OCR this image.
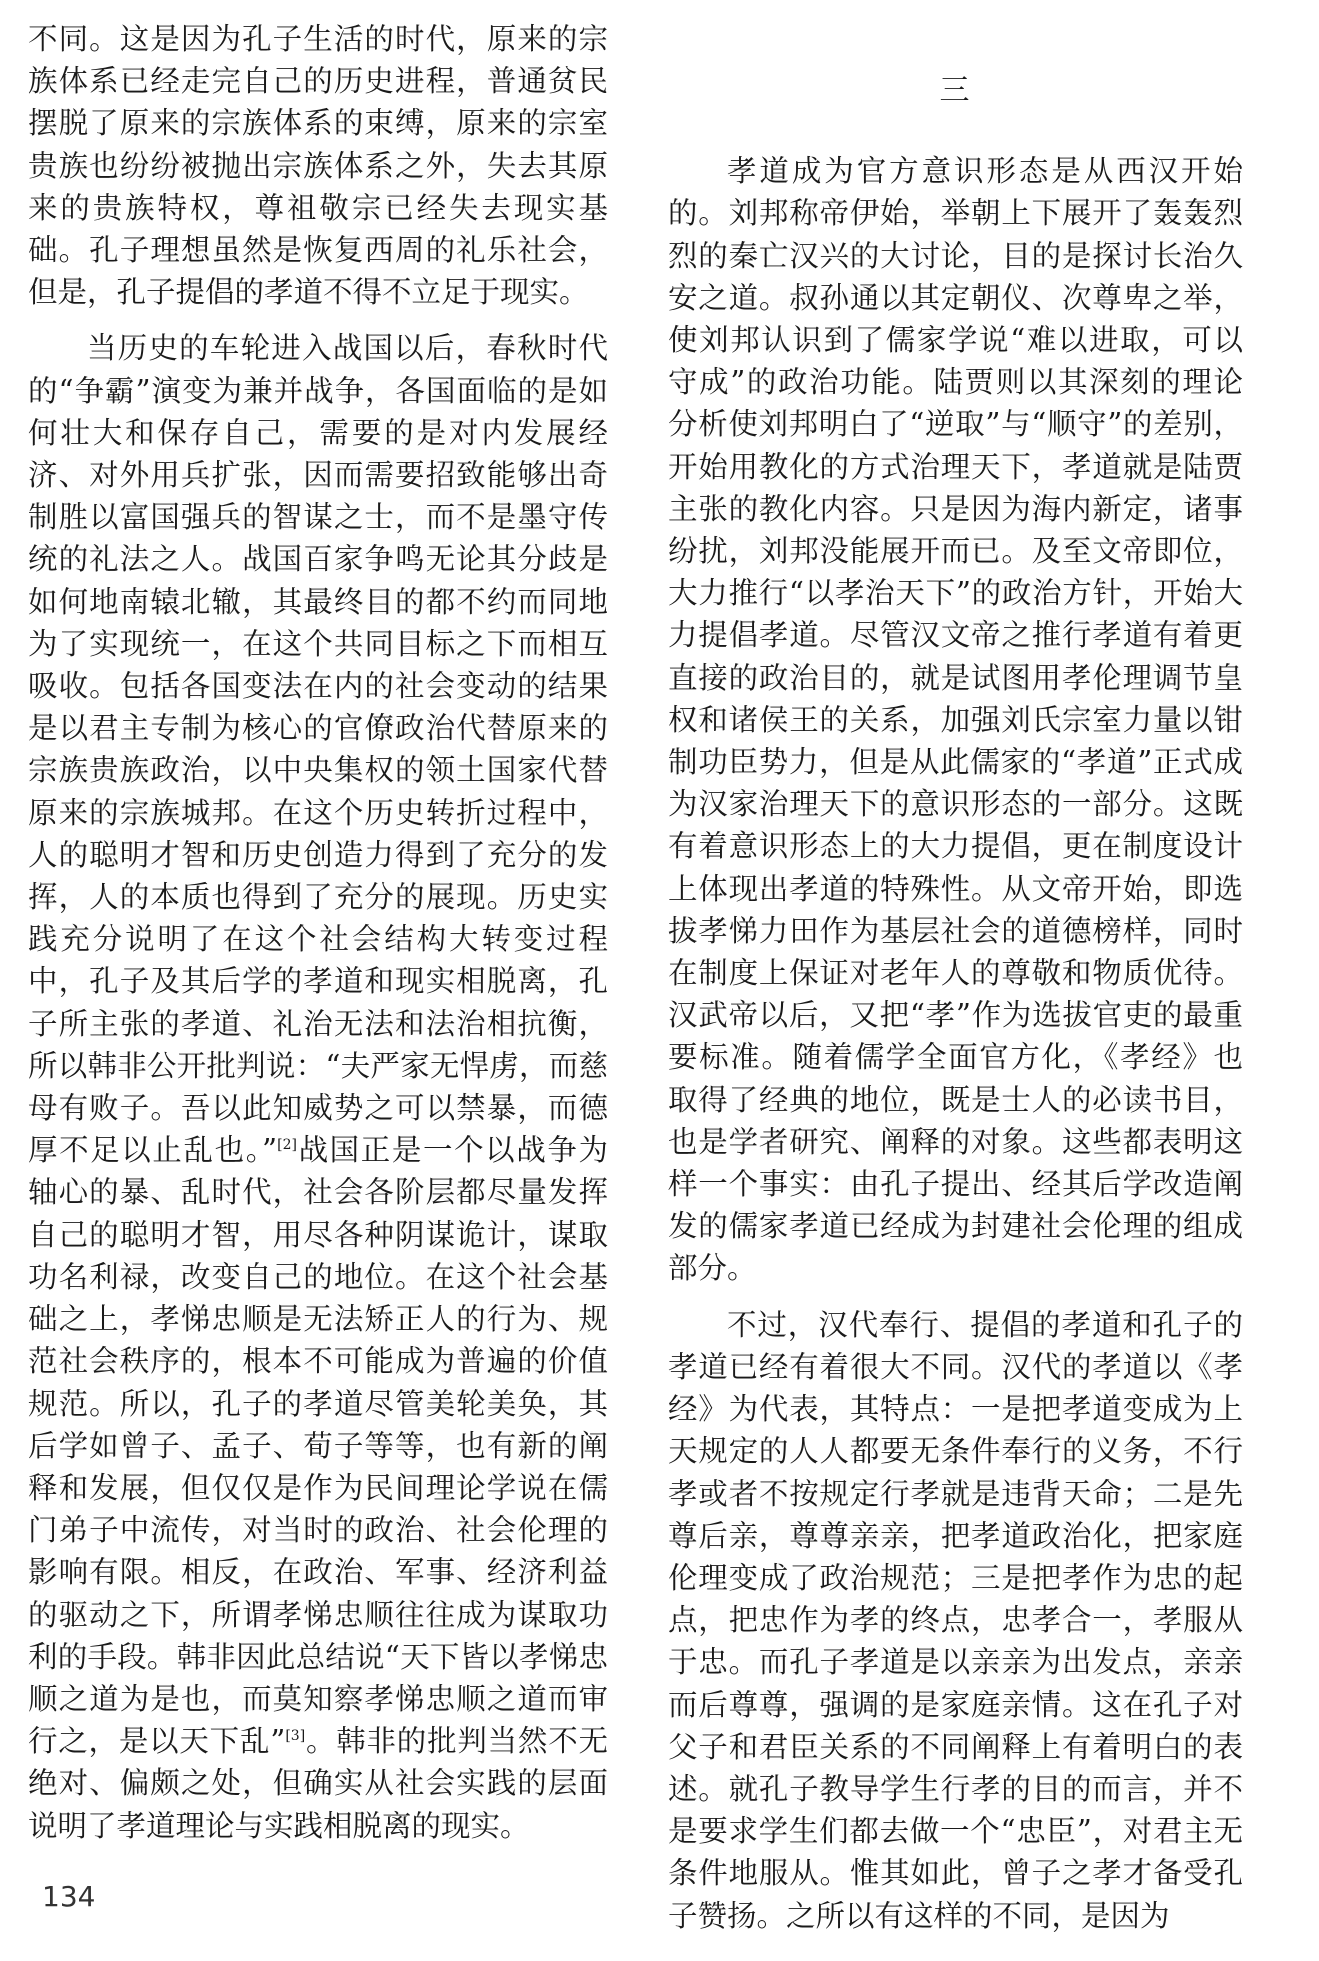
不同。这是因为孔子生活的时代，原来的宗族体系已经走完自己的历史进程，普通贫民摆脱了原来的宗族体系的束缚，原来的宗室贵族也纷纷被抛出宗族体系之外，失去其原来的贵族特权，尊祖敬宗已经失去现实基础。孔子理想虽然是恢复西周的礼乐社会，但是，孔子提倡的孝道不得不立足于现实。

当历史的车轮进入战国以后，春秋时代的“争霸”演变为兼并战争，各国面临的是如何壮大和保存自己，需要的是对内发展经济、对外用兵扩张，因而需要招致能够出奇制胜以富国强兵的智谋之士，而不是墨守传统的礼法之人。战国百家争鸣无论其分歧是如何地南辕北辙，其最终目的都不约而同地为了实现统一，在这个共同目标之下而相互吸收。包括各国变法在内的社会变动的结果是以君主专制为核心的官僚政治代替原来的宗族贵族政治，以中央集权的领土国家代替原来的宗族城邦。在这个历史转折过程中，人的聪明才智和历史创造力得到了充分的发挥，人的本质也得到了充分的展现。历史实践充分说明了在这个社会结构大转变过程中，孔子及其后学的孝道和现实相脱离，孔子所主张的孝道、礼治无法和法治相抗衡，所以韩非公开批判说：“夫严家无悍虏，而慈母有败子。吾以此知威势之可以禁暴，而德厚不足以止乱也。”[2]战国正是一个以战争为轴心的暴、乱时代，社会各阶层都尽量发挥自己的聪明才智，用尽各种阴谋诡计，谋取功名利禄，改变自己的地位。在这个社会基础之上，孝悌忠顺是无法矫正人的行为、规范社会秩序的，根本不可能成为普遍的价值规范。所以，孔子的孝道尽管美轮美奂，其后学如曾子、孟子、荀子等等，也有新的阐释和发展，但仅仅是作为民间理论学说在儒门弟子中流传，对当时的政治、社会伦理的影响有限。相反，在政治、军事、经济利益的驱动之下，所谓孝悌忠顺往往成为谋取功利的手段。韩非因此总结说“天下皆以孝悌忠顺之道为是也，而莫知察孝悌忠顺之道而审行之，是以天下乱”[3]。韩非的批判当然不无绝对、偏颇之处，但确实从社会实践的层面说明了孝道理论与实践相脱离的现实。

三

孝道成为官方意识形态是从西汉开始的。刘邦称帝伊始，举朝上下展开了轰轰烈烈的秦亡汉兴的大讨论，目的是探讨长治久安之道。叔孙通以其定朝仪、次尊卑之举，使刘邦认识到了儒家学说“难以进取，可以守成”的政治功能。陆贾则以其深刻的理论分析使刘邦明白了“逆取”与“顺守”的差别，开始用教化的方式治理天下，孝道就是陆贾主张的教化内容。只是因为海内新定，诸事纷扰，刘邦没能展开而已。及至文帝即位，大力推行“以孝治天下”的政治方针，开始大力提倡孝道。尽管汉文帝之推行孝道有着更直接的政治目的，就是试图用孝伦理调节皇权和诸侯王的关系，加强刘氏宗室力量以钳制功臣势力，但是从此儒家的“孝道”正式成为汉家治理天下的意识形态的一部分。这既有着意识形态上的大力提倡，更在制度设计上体现出孝道的特殊性。从文帝开始，即选拔孝悌力田作为基层社会的道德榜样，同时在制度上保证对老年人的尊敬和物质优待。汉武帝以后，又把“孝”作为选拔官吏的最重要标准。随着儒学全面官方化，《孝经》也取得了经典的地位，既是士人的必读书目，也是学者研究、阐释的对象。这些都表明这样一个事实：由孔子提出、经其后学改造阐发的儒家孝道已经成为封建社会伦理的组成部分。

不过，汉代奉行、提倡的孝道和孔子的孝道已经有着很大不同。汉代的孝道以《孝经》为代表，其特点：一是把孝道变成为上天规定的人人都要无条件奉行的义务，不行孝或者不按规定行孝就是违背天命；二是先尊后亲，尊尊亲亲，把孝道政治化，把家庭伦理变成了政治规范；三是把孝作为忠的起点，把忠作为孝的终点，忠孝合一，孝服从于忠。而孔子孝道是以亲亲为出发点，亲亲而后尊尊，强调的是家庭亲情。这在孔子对父子和君臣关系的不同阐释上有着明白的表述。就孔子教导学生行孝的目的而言，并不是要求学生们都去做一个“忠臣”，对君主无条件地服从。惟其如此，曾子之孝才备受孔子赞扬。之所以有这样的不同，是因为

134
